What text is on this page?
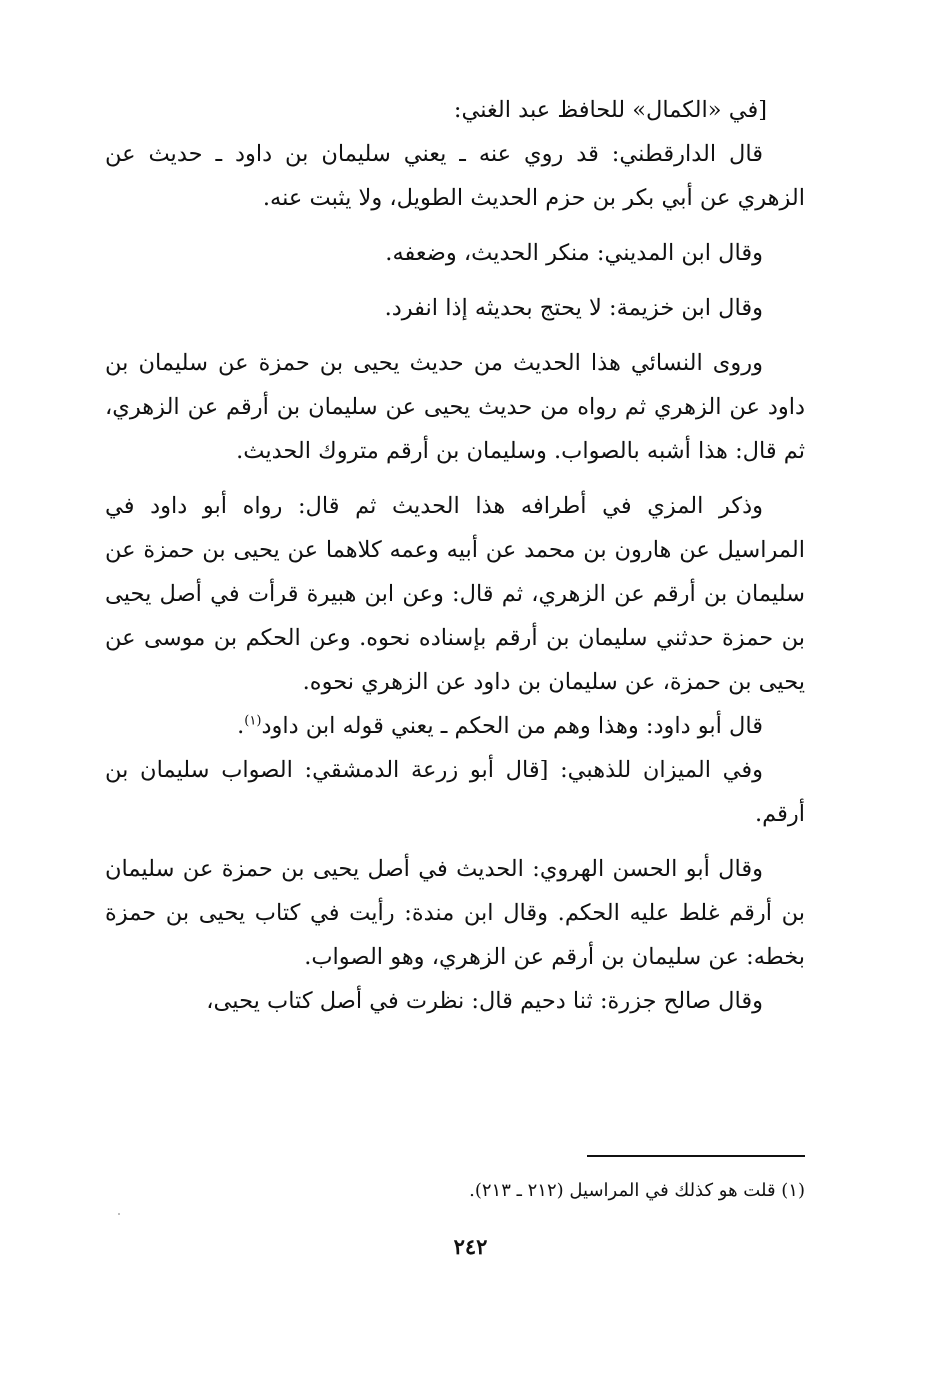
[في «الكمال» للحافظ عبد الغني:

قال الدارقطني: قد روي عنه ـ يعني سليمان بن داود ـ حديث عن الزهري عن أبي بكر بن حزم الحديث الطويل، ولا يثبت عنه.

وقال ابن المديني: منكر الحديث، وضعفه.

وقال ابن خزيمة: لا يحتج بحديثه إذا انفرد.

وروى النسائي هذا الحديث من حديث يحيى بن حمزة عن سليمان بن داود عن الزهري ثم رواه من حديث يحيى عن سليمان بن أرقم عن الزهري، ثم قال: هذا أشبه بالصواب. وسليمان بن أرقم متروك الحديث.

وذكر المزي في أطرافه هذا الحديث ثم قال: رواه أبو داود في المراسيل عن هارون بن محمد عن أبيه وعمه كلاهما عن يحيى بن حمزة عن سليمان بن أرقم عن الزهري، ثم قال: وعن ابن هبيرة قرأت في أصل يحيى بن حمزة حدثني سليمان بن أرقم بإسناده نحوه. وعن الحكم بن موسى عن يحيى بن حمزة، عن سليمان بن داود عن الزهري نحوه.

قال أبو داود: وهذا وهم من الحكم ـ يعني قوله ابن داود$^{(١)}$.

وفي الميزان للذهبي: [قال أبو زرعة الدمشقي: الصواب سليمان بن أرقم.

وقال أبو الحسن الهروي: الحديث في أصل يحيى بن حمزة عن سليمان بن أرقم غلط عليه الحكم. وقال ابن مندة: رأيت في كتاب يحيى بن حمزة بخطه: عن سليمان بن أرقم عن الزهري، وهو الصواب.

وقال صالح جزرة: ثنا دحيم قال: نظرت في أصل كتاب يحيى،

(١) قلت هو كذلك في المراسيل (٢١٢ ـ ٢١٣).

٢٤٢
